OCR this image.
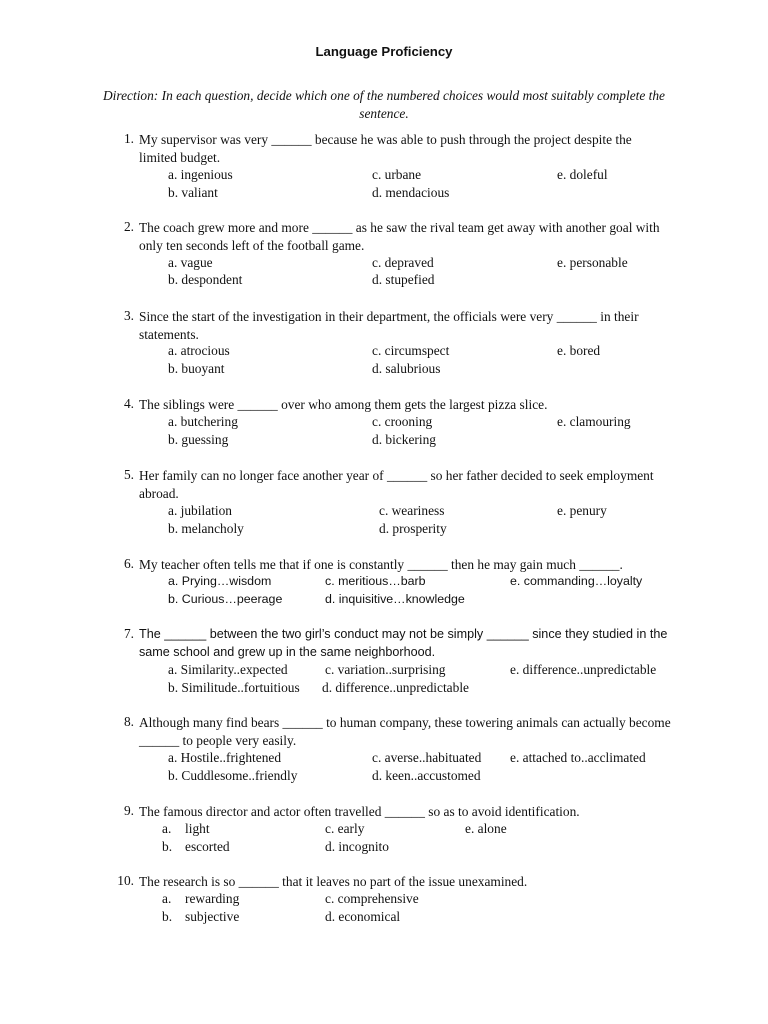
Language Proficiency
Direction: In each question, decide which one of the numbered choices would most suitably complete the sentence.
1. My supervisor was very ______ because he was able to push through the project despite the limited budget.
a. ingenious
b. valiant
c. urbane
d. mendacious
e. doleful
2. The coach grew more and more ______ as he saw the rival team get away with another goal with only ten seconds left of the football game.
a. vague
b. despondent
c. depraved
d. stupefied
e. personable
3. Since the start of the investigation in their department, the officials were very ______ in their statements.
a. atrocious
b. buoyant
c. circumspect
d. salubrious
e. bored
4. The siblings were ______ over who among them gets the largest pizza slice.
a. butchering
b. guessing
c. crooning
d. bickering
e. clamouring
5. Her family can no longer face another year of ______ so her father decided to seek employment abroad.
a. jubilation
b. melancholy
c. weariness
d. prosperity
e. penury
6. My teacher often tells me that if one is constantly ______ then he may gain much ______.
a. Prying…wisdom
b. Curious…peerage
c. meritious…barb
d. inquisitive…knowledge
e. commanding…loyalty
7. The ______ between the two girl’s conduct may not be simply ______ since they studied in the same school and grew up in the same neighborhood.
a. Similarity..expected
b. Similitude..fortuitious
c. variation..surprising
d. difference..unpredictable
e. difference..unpredictable
8. Although many find bears ______ to human company, these towering animals can actually become ______ to people very easily.
a. Hostile..frightened
b. Cuddlesome..friendly
c. averse..habituated
d. keen..accustomed
e. attached to..acclimated
9. The famous director and actor often travelled ______ so as to avoid identification.
a.
b.
light
escorted
c. early
d. incognito
e. alone
10. The research is so ______ that it leaves no part of the issue unexamined.
a.
b.
rewarding
subjective
c. comprehensive
d. economical
